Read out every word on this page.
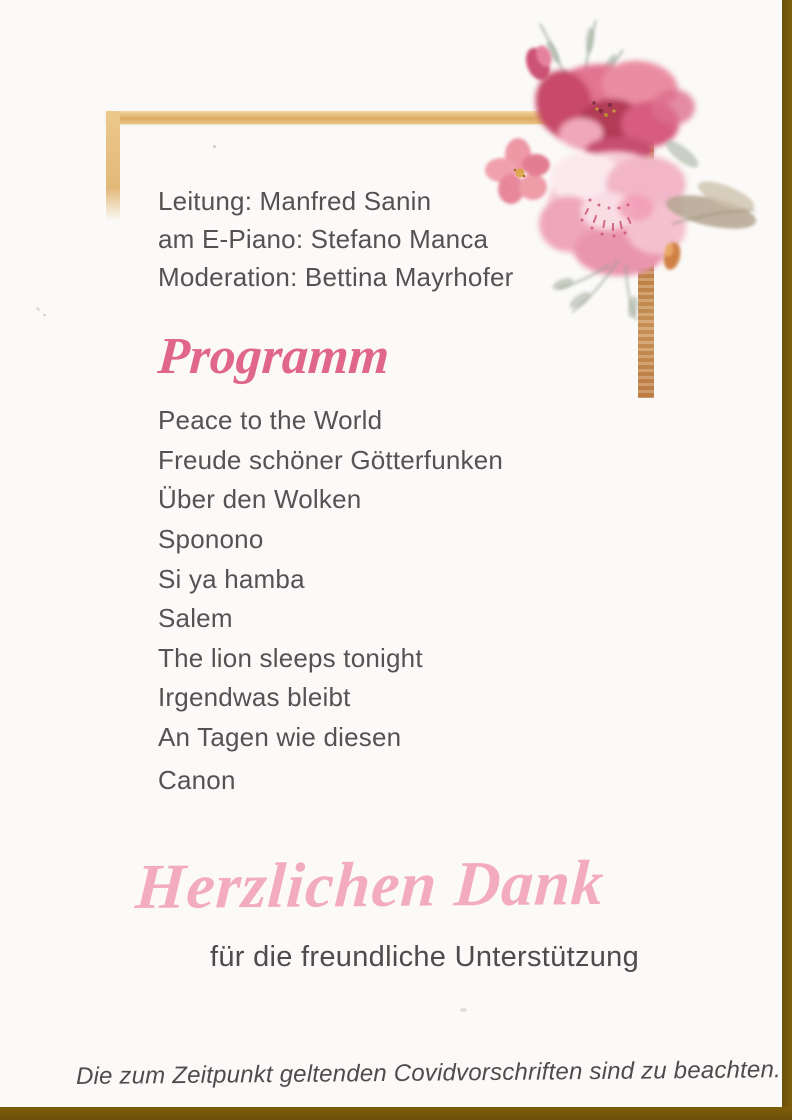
Leitung: Manfred Sanin
am E-Piano: Stefano Manca
Moderation: Bettina Mayrhofer
Programm
Peace to the World
Freude schöner Götterfunken
Über den Wolken
Sponono
Si ya hamba
Salem
The lion sleeps tonight
Irgendwas bleibt
An Tagen wie diesen
Canon
Herzlichen Dank
für die freundliche Unterstützung
Die zum Zeitpunkt geltenden Covidvorschriften sind zu beachten.
